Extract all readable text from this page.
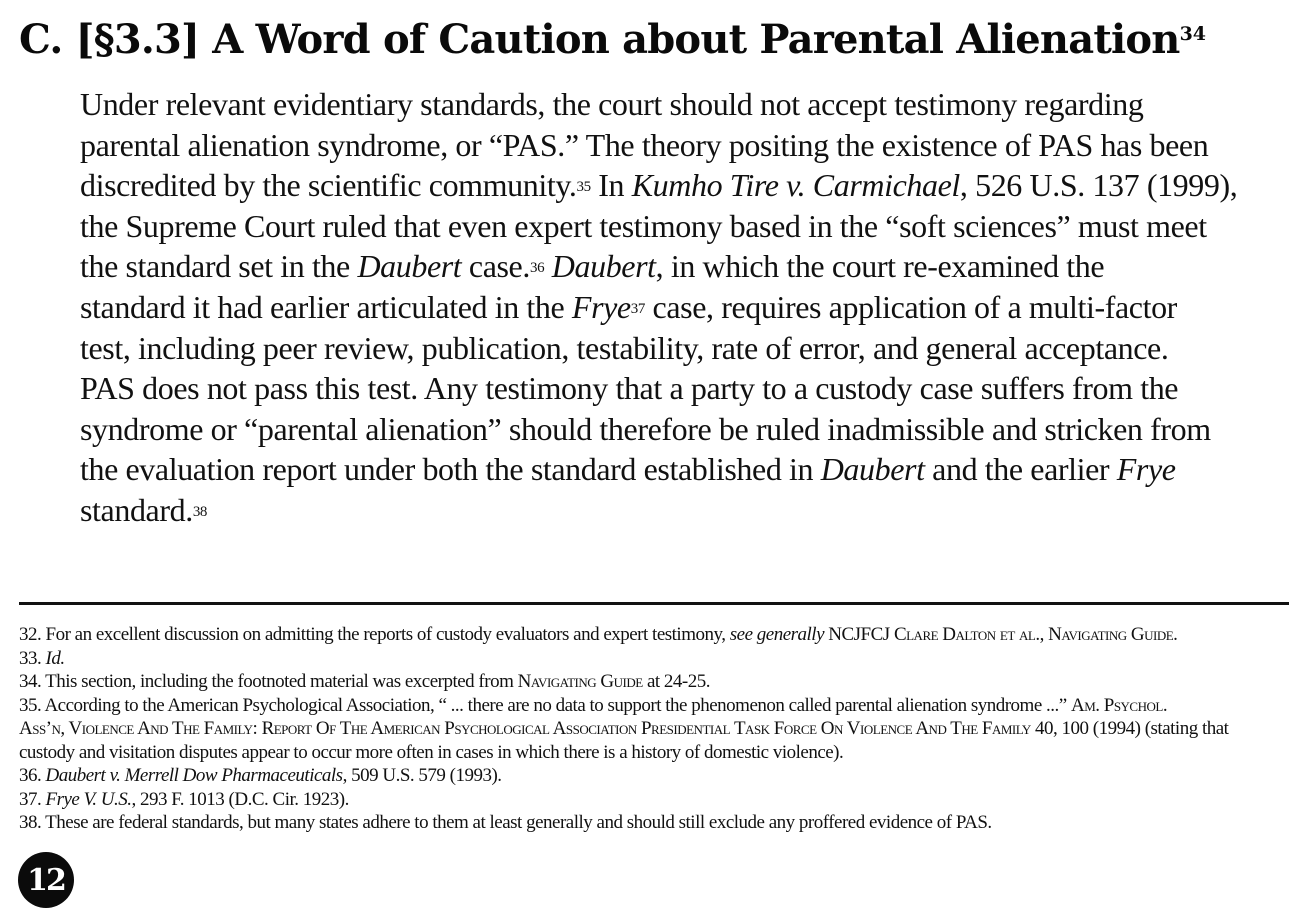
C. [§3.3] A Word of Caution about Parental Alienation$^{34}$
Under relevant evidentiary standards, the court should not accept testimony regarding
parental alienation syndrome, or “PAS.” The theory positing the existence of PAS has been
discredited by the scientific community.$^{35}$ In Kumho Tire v. Carmichael, 526 U.S. 137 (1999),
the Supreme Court ruled that even expert testimony based in the “soft sciences” must meet
the standard set in the Daubert case.$^{36}$ Daubert, in which the court re-examined the
standard it had earlier articulated in the Frye$^{37}$ case, requires application of a multi-factor
test, including peer review, publication, testability, rate of error, and general acceptance.
PAS does not pass this test. Any testimony that a party to a custody case suffers from the
syndrome or “parental alienation” should therefore be ruled inadmissible and stricken from
the evaluation report under both the standard established in Daubert and the earlier Frye
standard.$^{38}$
32. For an excellent discussion on admitting the reports of custody evaluators and expert testimony, see generally NCJFCJ Clare Dalton et al., Navigating Guide.
33. Id.
34. This section, including the footnoted material was excerpted from Navigating Guide at 24-25.
35. According to the American Psychological Association, “ ... there are no data to support the phenomenon called parental alienation syndrome ...” Am. Psychol.
Ass’n, Violence And The Family: Report Of The American Psychological Association Presidential Task Force On Violence And The Family 40, 100 (1994) (stating that
custody and visitation disputes appear to occur more often in cases in which there is a history of domestic violence).
36. Daubert v. Merrell Dow Pharmaceuticals, 509 U.S. 579 (1993).
37. Frye V. U.S., 293 F. 1013 (D.C. Cir. 1923).
38. These are federal standards, but many states adhere to them at least generally and should still exclude any proffered evidence of PAS.
12
